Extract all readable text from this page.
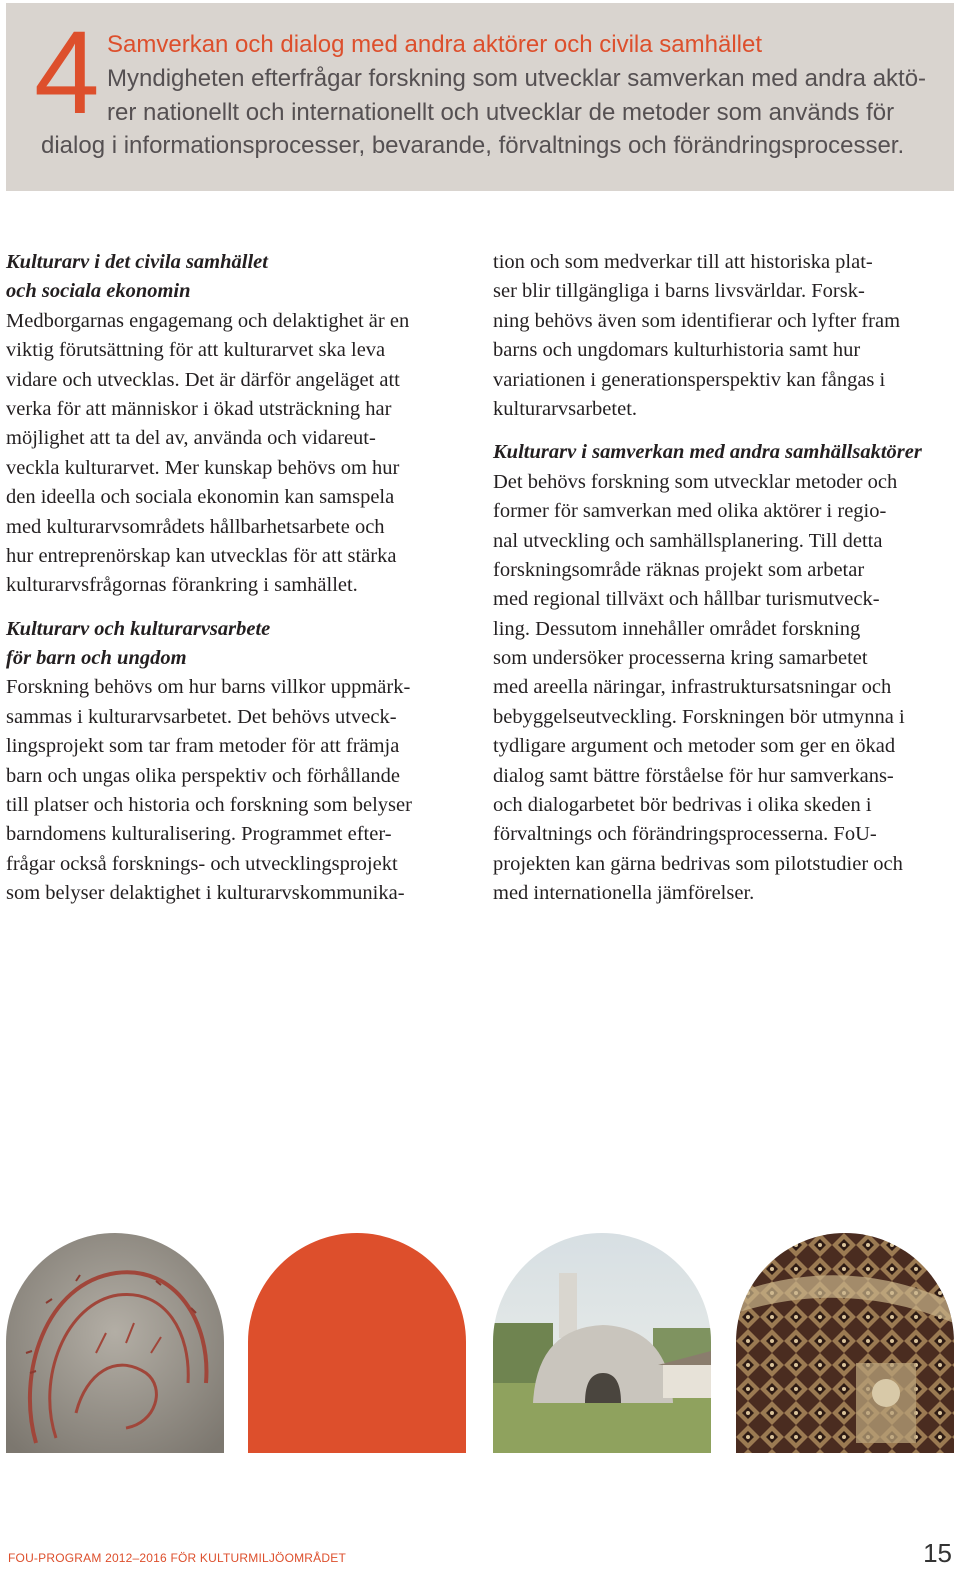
4 Samverkan och dialog med andra aktörer och civila samhället
Myndigheten efterfrågar forskning som utvecklar samverkan med andra aktö-
rer nationellt och internationellt och utvecklar de metoder som används för
dialog i informationsprocesser, bevarande, förvaltnings och förändringsprocesser.
Kulturarv i det civila samhället
och sociala ekonomin
Medborgarnas engagemang och delaktighet är en
viktig förutsättning för att kulturarvet ska leva
vidare och utvecklas. Det är därför angeläget att
verka för att människor i ökad utsträckning har
möjlighet att ta del av, använda och vidareut-
veckla kulturarvet. Mer kunskap behövs om hur
den ideella och sociala ekonomin kan samspela
med kulturarvsområdets hållbarhetsarbete och
hur entreprenörskap kan utvecklas för att stärka
kulturarvsfrågornas förankring i samhället.
Kulturarv och kulturarvsarbete
för barn och ungdom
Forskning behövs om hur barns villkor uppmärk-
sammas i kulturarvsarbetet. Det behövs utveck-
lingsprojekt som tar fram metoder för att främja
barn och ungas olika perspektiv och förhållande
till platser och historia och forskning som belyser
barndomens kulturalisering. Programmet efter-
frågar också forsknings- och utvecklingsprojekt
som belyser delaktighet i kulturarvskommunika-
tion och som medverkar till att historiska plat-
ser blir tillgängliga i barns livsvärldar. Forsk-
ning behövs även som identifierar och lyfter fram
barns och ungdomars kulturhistoria samt hur
variationen i generationsperspektiv kan fångas i
kulturarvsarbetet.
Kulturarv i samverkan med andra samhällsaktörer
Det behövs forskning som utvecklar metoder och
former för samverkan med olika aktörer i regio-
nal utveckling och samhällsplanering. Till detta
forskningsområde räknas projekt som arbetar
med regional tillväxt och hållbar turismutveck-
ling. Dessutom innehåller området forskning
som undersöker processerna kring samarbetet
med areella näringar, infrastruktursatsningar och
bebyggelseutveckling. Forskningen bör utmynna i
tydligare argument och metoder som ger en ökad
dialog samt bättre förståelse för hur samverkans-
och dialogarbetet bör bedrivas i olika skeden i
förvaltnings och förändringsprocesserna. FoU-
projekten kan gärna bedrivas som pilotstudier och
med internationella jämförelser.
FOU-PROGRAM 2012–2016 FÖR KULTURMILJÖOMRÅDET	15
